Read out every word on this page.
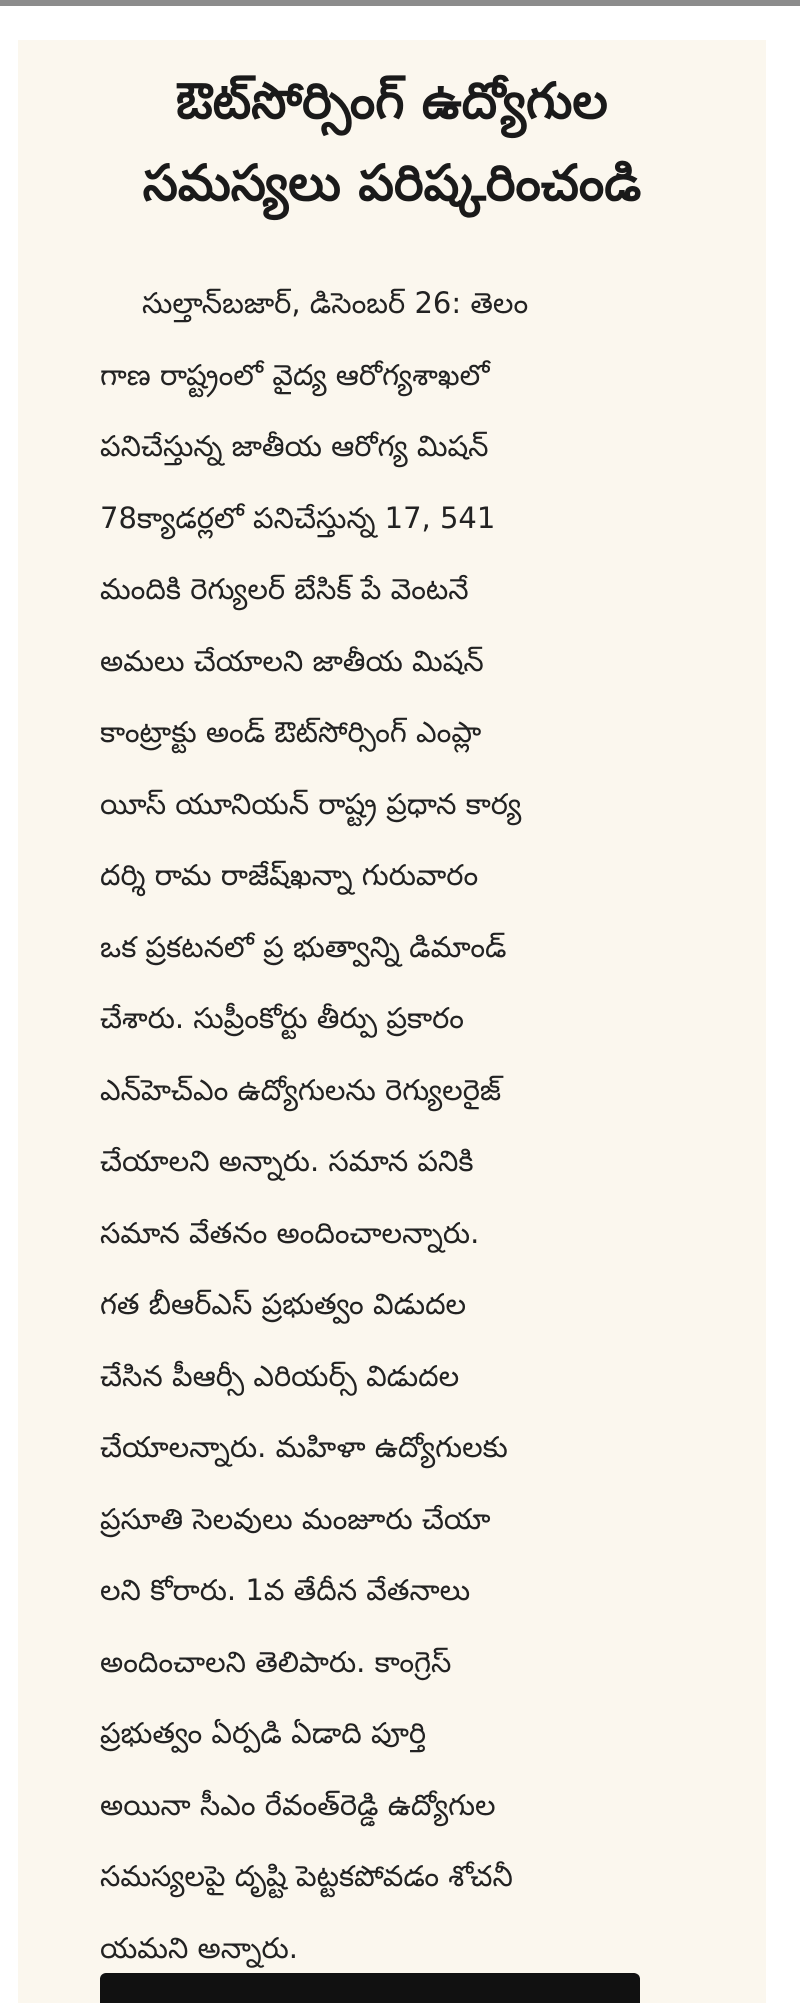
ఔట్‌సోర్సింగ్ ఉద్యోగుల
సమస్యలు పరిష్కరించండి
సుల్తాన్‌బజార్, డిసెంబర్ 26: తెలం
గాణ రాష్ట్రంలో వైద్య ఆరోగ్యశాఖలో
పనిచేస్తున్న జాతీయ ఆరోగ్య మిషన్
78క్యాడర్లలో పనిచేస్తున్న 17, 541
మందికి రెగ్యులర్ బేసిక్ పే వెంటనే
అమలు చేయాలని జాతీయ మిషన్
కాంట్రాక్టు అండ్ ఔట్‌సోర్సింగ్ ఎంప్లా
యీస్ యూనియన్ రాష్ట్ర ప్రధాన కార్య
దర్శి రామ రాజేష్‌ఖన్నా గురువారం
ఒక ప్రకటనలో ప్ర భుత్వాన్ని డిమాండ్
చేశారు. సుప్రీంకోర్టు తీర్పు ప్రకారం
ఎన్‌హెచ్‌ఎం ఉద్యోగులను రెగ్యులరైజ్
చేయాలని అన్నారు. సమాన పనికి
సమాన వేతనం అందించాలన్నారు.
గత బీఆర్‌ఎస్ ప్రభుత్వం విడుదల
చేసిన పీఆర్సీ ఎరియర్స్ విడుదల
చేయాలన్నారు. మహిళా ఉద్యోగులకు
ప్రసూతి సెలవులు మంజూరు చేయా
లని కోరారు. 1వ తేదీన వేతనాలు
అందించాలని తెలిపారు. కాంగ్రెస్
ప్రభుత్వం ఏర్పడి ఏడాది పూర్తి
అయినా సీఎం రేవంత్‌రెడ్డి ఉద్యోగుల
సమస్యలపై దృష్టి పెట్టకపోవడం శోచనీ
యమని అన్నారు.
